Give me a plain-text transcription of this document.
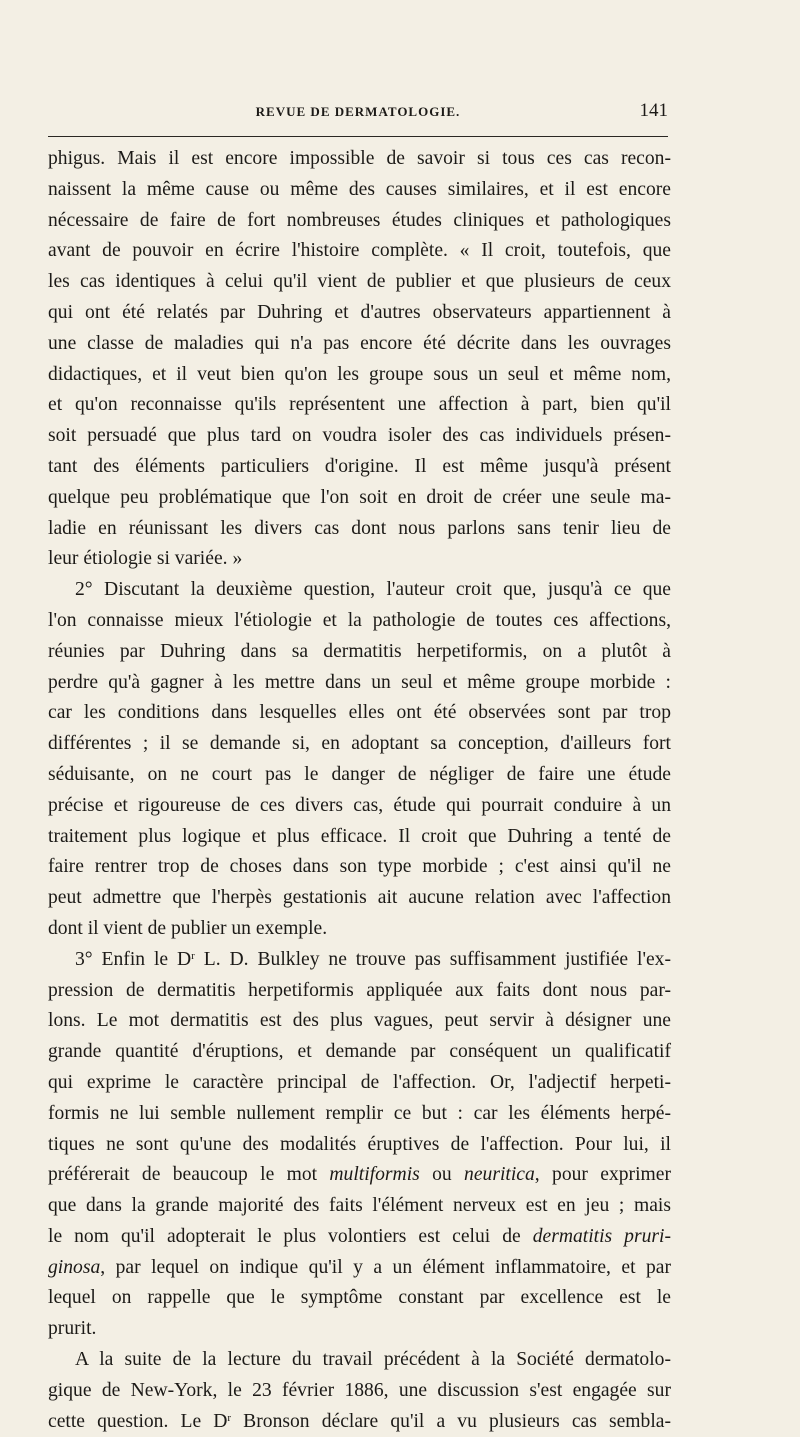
REVUE DE DERMATOLOGIE.	141

phigus. Mais il est encore impossible de savoir si tous ces cas recon-
naissent la même cause ou même des causes similaires, et il est encore
nécessaire de faire de fort nombreuses études cliniques et pathologiques
avant de pouvoir en écrire l'histoire complète. « Il croit, toutefois, que
les cas identiques à celui qu'il vient de publier et que plusieurs de ceux
qui ont été relatés par Duhring et d'autres observateurs appartiennent à
une classe de maladies qui n'a pas encore été décrite dans les ouvrages
didactiques, et il veut bien qu'on les groupe sous un seul et même nom,
et qu'on reconnaisse qu'ils représentent une affection à part, bien qu'il
soit persuadé que plus tard on voudra isoler des cas individuels présen-
tant des éléments particuliers d'origine. Il est même jusqu'à présent
quelque peu problématique que l'on soit en droit de créer une seule ma-
ladie en réunissant les divers cas dont nous parlons sans tenir lieu de
leur étiologie si variée. »

2° Discutant la deuxième question, l'auteur croit que, jusqu'à ce que
l'on connaisse mieux l'étiologie et la pathologie de toutes ces affections,
réunies par Duhring dans sa dermatitis herpetiformis, on a plutôt à
perdre qu'à gagner à les mettre dans un seul et même groupe morbide :
car les conditions dans lesquelles elles ont été observées sont par trop
différentes ; il se demande si, en adoptant sa conception, d'ailleurs fort
séduisante, on ne court pas le danger de négliger de faire une étude
précise et rigoureuse de ces divers cas, étude qui pourrait conduire à un
traitement plus logique et plus efficace. Il croit que Duhring a tenté de
faire rentrer trop de choses dans son type morbide ; c'est ainsi qu'il ne
peut admettre que l'herpès gestationis ait aucune relation avec l'affection
dont il vient de publier un exemple.

3° Enfin le $D^r$ L. D. Bulkley ne trouve pas suffisamment justifiée l'ex-
pression de dermatitis herpetiformis appliquée aux faits dont nous par-
lons. Le mot dermatitis est des plus vagues, peut servir à désigner une
grande quantité d'éruptions, et demande par conséquent un qualificatif
qui exprime le caractère principal de l'affection. Or, l'adjectif herpeti-
formis ne lui semble nullement remplir ce but : car les éléments herpé-
tiques ne sont qu'une des modalités éruptives de l'affection. Pour lui, il
préférerait de beaucoup le mot multiformis ou neuritica, pour exprimer
que dans la grande majorité des faits l'élément nerveux est en jeu ; mais
le nom qu'il adopterait le plus volontiers est celui de dermatitis pruri-
ginosa, par lequel on indique qu'il y a un élément inflammatoire, et par
lequel on rappelle que le symptôme constant par excellence est le
prurit.

A la suite de la lecture du travail précédent à la Société dermatolo-
gique de New-York, le 23 février 1886, une discussion s'est engagée sur
cette question. Le $D^r$ Bronson déclare qu'il a vu plusieurs cas sembla-
